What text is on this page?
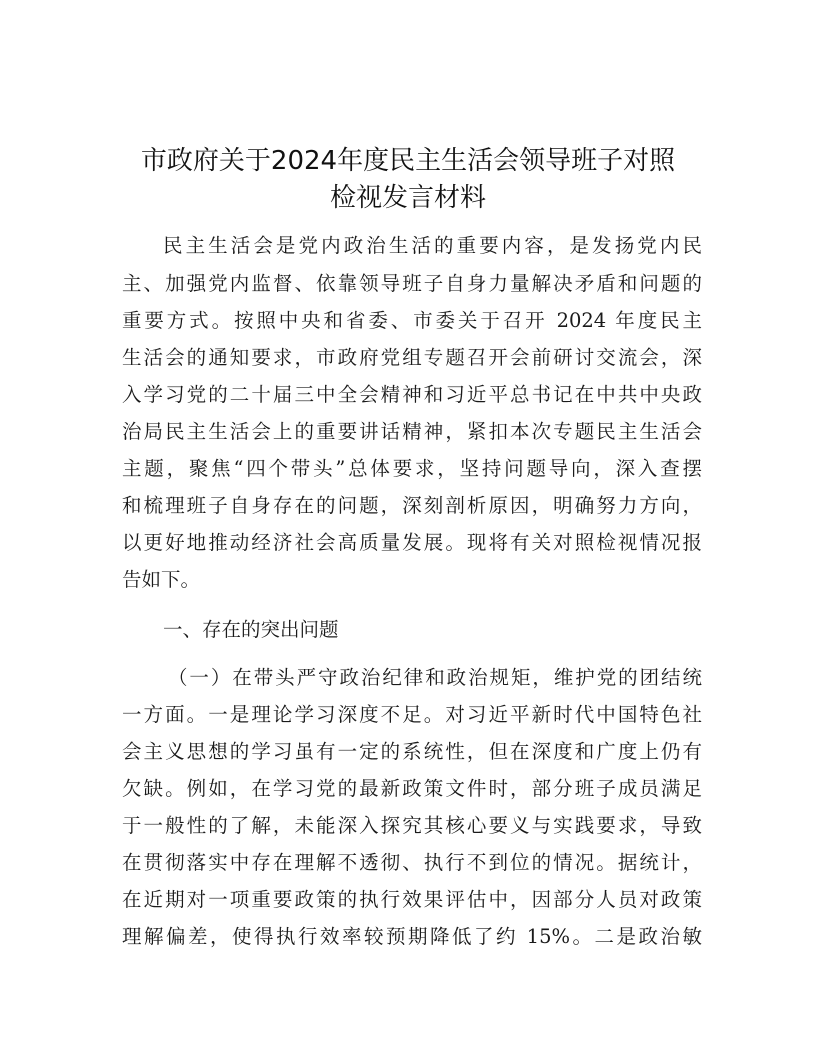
市政府关于2024年度民主生活会领导班子对照
检视发言材料
民主生活会是党内政治生活的重要内容，是发扬党内民
主、加强党内监督、依靠领导班子自身力量解决矛盾和问题的
重要方式。按照中央和省委、市委关于召开 2024 年度民主
生活会的通知要求，市政府党组专题召开会前研讨交流会，深
入学习党的二十届三中全会精神和习近平总书记在中共中央政
治局民主生活会上的重要讲话精神，紧扣本次专题民主生活会
主题，聚焦“四个带头”总体要求，坚持问题导向，深入查摆
和梳理班子自身存在的问题，深刻剖析原因，明确努力方向，
以更好地推动经济社会高质量发展。现将有关对照检视情况报
告如下。
一、存在的突出问题
（一）在带头严守政治纪律和政治规矩，维护党的团结统
一方面。一是理论学习深度不足。对习近平新时代中国特色社
会主义思想的学习虽有一定的系统性，但在深度和广度上仍有
欠缺。例如，在学习党的最新政策文件时，部分班子成员满足
于一般性的了解，未能深入探究其核心要义与实践要求，导致
在贯彻落实中存在理解不透彻、执行不到位的情况。据统计，
在近期对一项重要政策的执行效果评估中，因部分人员对政策
理解偏差，使得执行效率较预期降低了约 15%。二是政治敏
